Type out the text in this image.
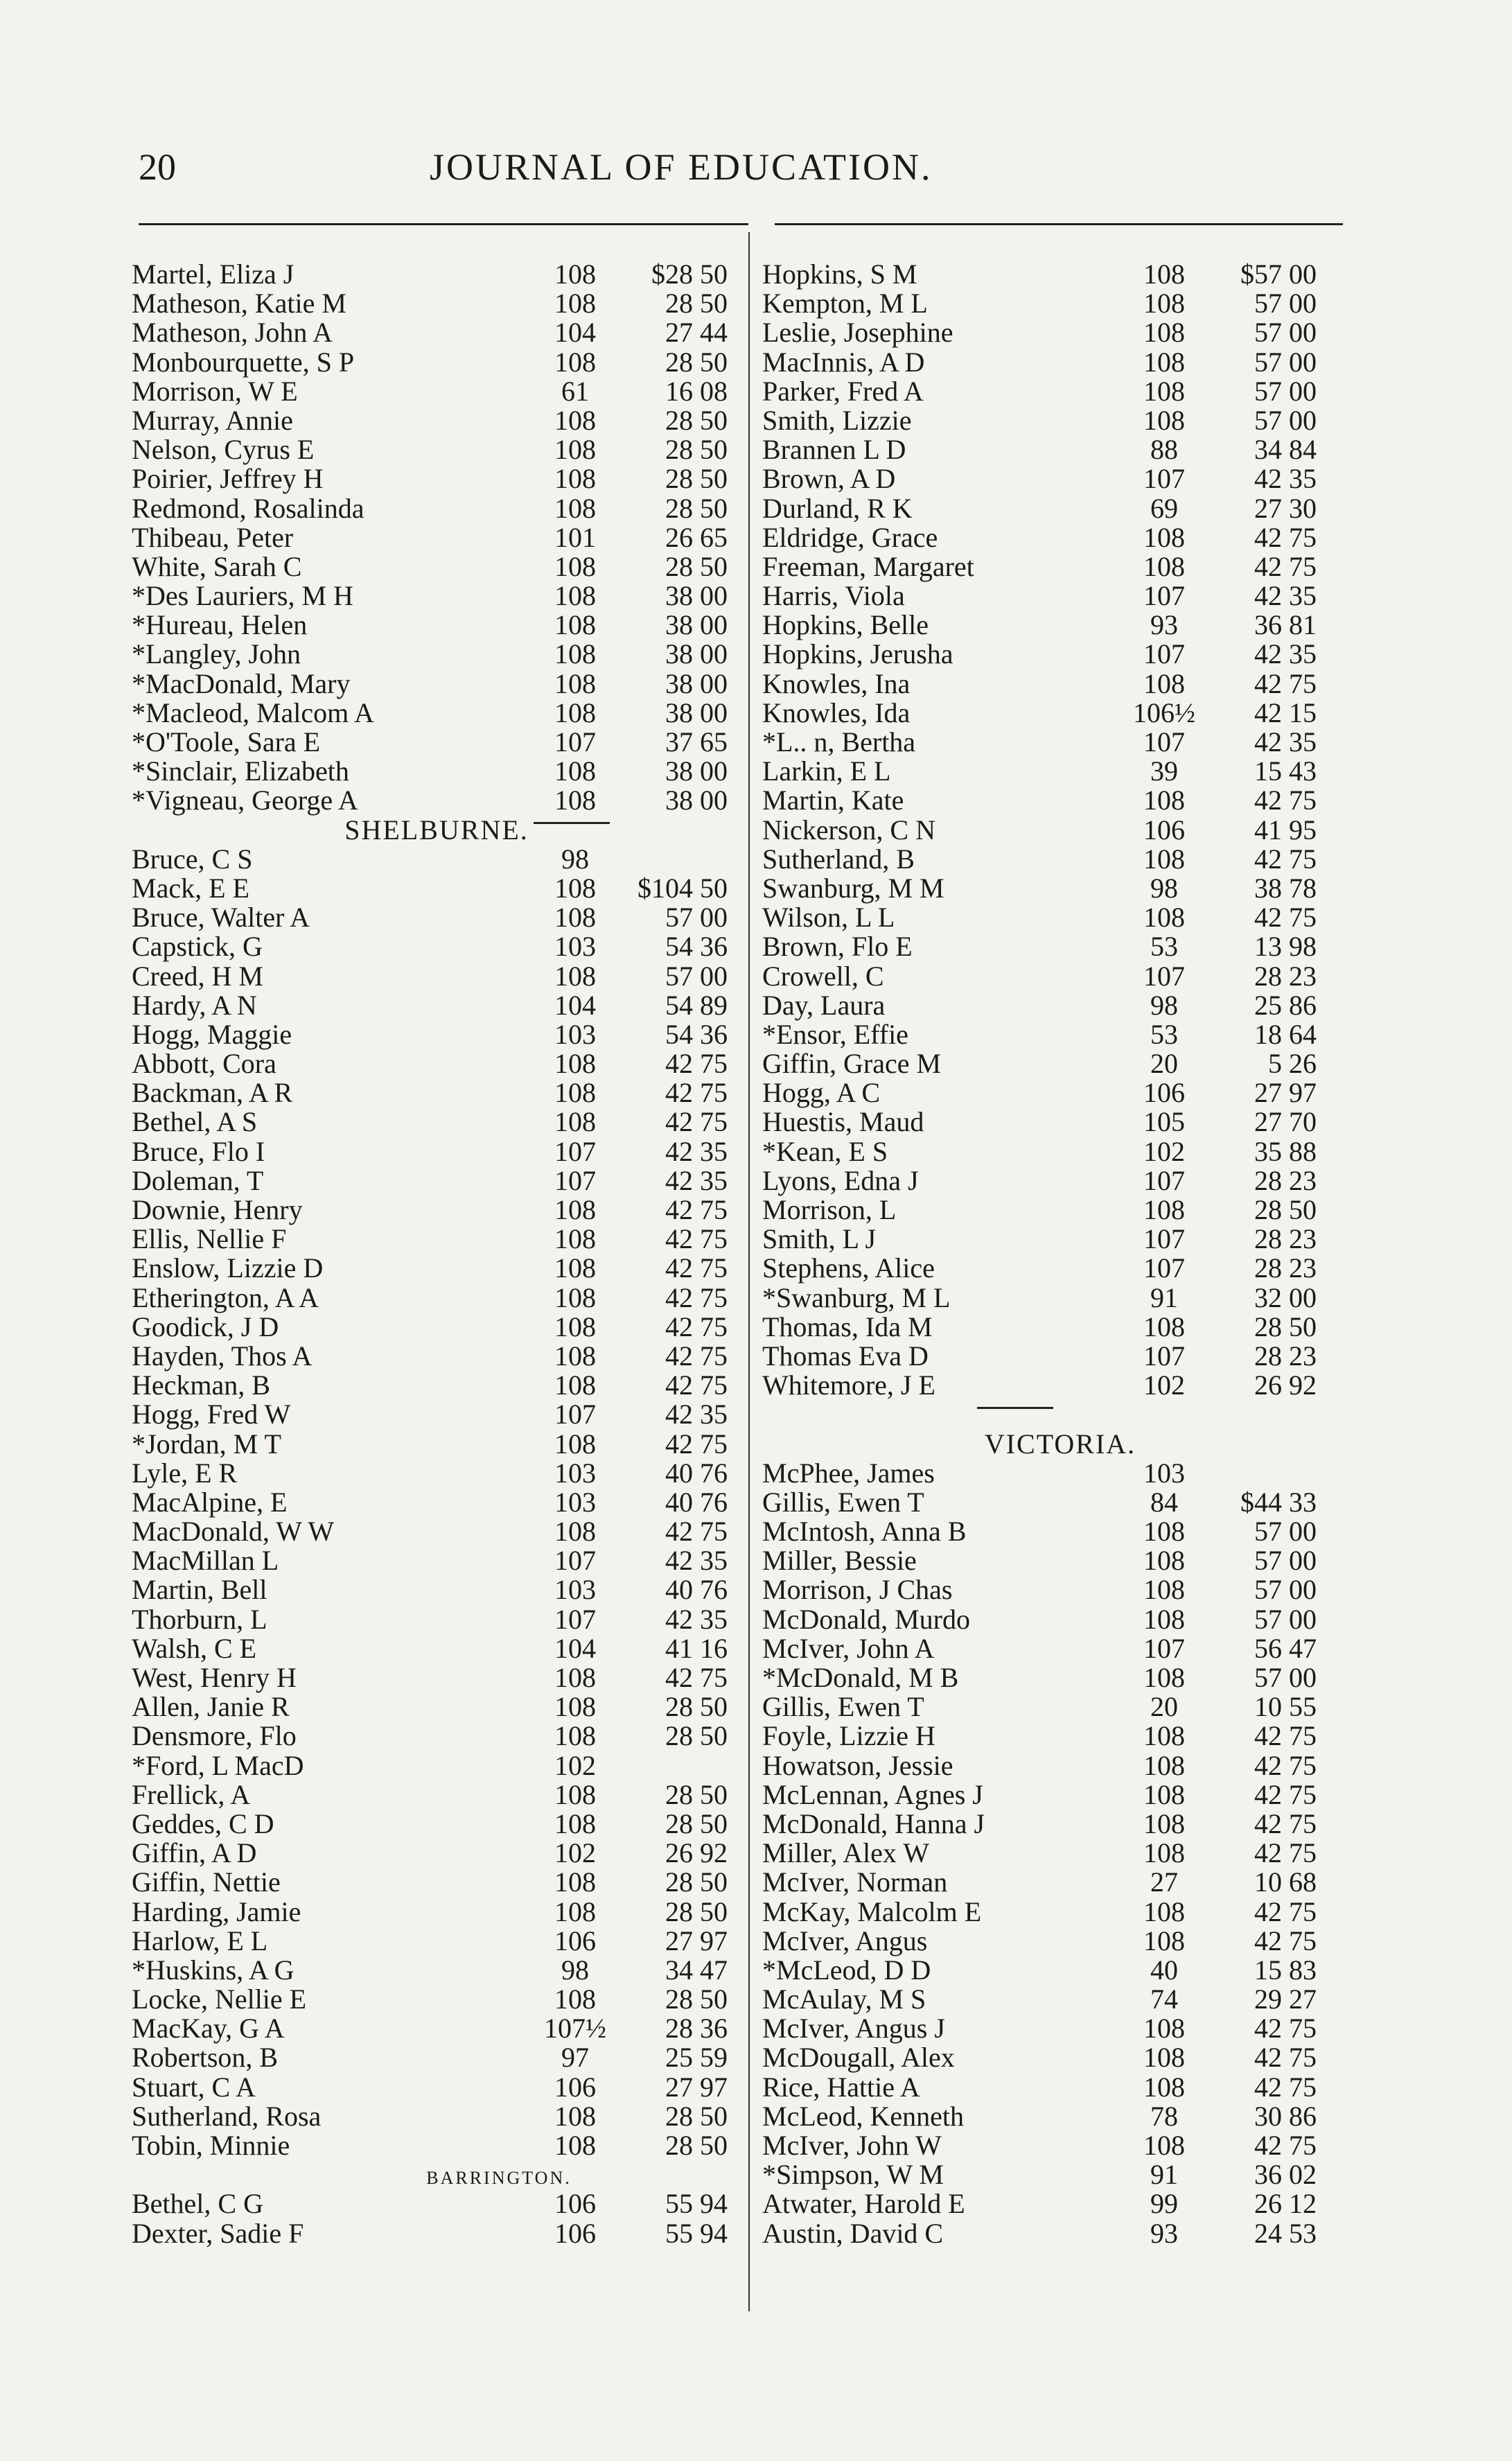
20	JOURNAL OF EDUCATION.
Martel, Eliza J	108	$28 50
Matheson, Katie M	108	28 50
Matheson, John A	104	27 44
Monbourquette, S P	108	28 50
Morrison, W E	61	16 08
Murray, Annie	108	28 50
Nelson, Cyrus E	108	28 50
Poirier, Jeffrey H	108	28 50
Redmond, Rosalinda	108	28 50
Thibeau, Peter	101	26 65
White, Sarah C	108	28 50
*Des Lauriers, M H	108	38 00
*Hureau, Helen	108	38 00
*Langley, John	108	38 00
*MacDonald, Mary	108	38 00
*Macleod, Malcom A	108	38 00
*O'Toole, Sara E	107	37 65
*Sinclair, Elizabeth	108	38 00
*Vigneau, George A	108	38 00
SHELBURNE.
Bruce, C S	98
Mack, E E	108	$104 50
Bruce, Walter A	108	57 00
Capstick, G	103	54 36
Creed, H M	108	57 00
Hardy, A N	104	54 89
Hogg, Maggie	103	54 36
Abbott, Cora	108	42 75
Backman, A R	108	42 75
Bethel, A S	108	42 75
Bruce, Flo I	107	42 35
Doleman, T	107	42 35
Downie, Henry	108	42 75
Ellis, Nellie F	108	42 75
Enslow, Lizzie D	108	42 75
Etherington, A A	108	42 75
Goodick, J D	108	42 75
Hayden, Thos A	108	42 75
Heckman, B	108	42 75
Hogg, Fred W	107	42 35
*Jordan, M T	108	42 75
Lyle, E R	103	40 76
MacAlpine, E	103	40 76
MacDonald, W W	108	42 75
MacMillan L	107	42 35
Martin, Bell	103	40 76
Thorburn, L	107	42 35
Walsh, C E	104	41 16
West, Henry H	108	42 75
Allen, Janie R	108	28 50
Densmore, Flo	108	28 50
*Ford, L MacD	102
Frellick, A	108	28 50
Geddes, C D	108	28 50
Giffin, A D	102	26 92
Giffin, Nettie	108	28 50
Harding, Jamie	108	28 50
Harlow, E L	106	27 97
*Huskins, A G	98	34 47
Locke, Nellie E	108	28 50
MacKay, G A	107½	28 36
Robertson, B	97	25 59
Stuart, C A	106	27 97
Sutherland, Rosa	108	28 50
Tobin, Minnie	108	28 50
BARRINGTON.
Bethel, C G	106	55 94
Dexter, Sadie F	106	55 94
Hopkins, S M	108	$57 00
Kempton, M L	108	57 00
Leslie, Josephine	108	57 00
MacInnis, A D	108	57 00
Parker, Fred A	108	57 00
Smith, Lizzie	108	57 00
Brannen L D	88	34 84
Brown, A D	107	42 35
Durland, R K	69	27 30
Eldridge, Grace	108	42 75
Freeman, Margaret	108	42 75
Harris, Viola	107	42 35
Hopkins, Belle	93	36 81
Hopkins, Jerusha	107	42 35
Knowles, Ina	108	42 75
Knowles, Ida	106½	42 15
*L.. n, Bertha	107	42 35
Larkin, E L	39	15 43
Martin, Kate	108	42 75
Nickerson, C N	106	41 95
Sutherland, B	108	42 75
Swanburg, M M	98	38 78
Wilson, L L	108	42 75
Brown, Flo E	53	13 98
Crowell, C	107	28 23
Day, Laura	98	25 86
*Ensor, Effie	53	18 64
Giffin, Grace M	20	5 26
Hogg, A C	106	27 97
Huestis, Maud	105	27 70
*Kean, E S	102	35 88
Lyons, Edna J	107	28 23
Morrison, L	108	28 50
Smith, L J	107	28 23
Stephens, Alice	107	28 23
*Swanburg, M L	91	32 00
Thomas, Ida M	108	28 50
Thomas Eva D	107	28 23
Whitemore, J E	102	26 92
VICTORIA.
McPhee, James	103
Gillis, Ewen T	84	$44 33
McIntosh, Anna B	108	57 00
Miller, Bessie	108	57 00
Morrison, J Chas	108	57 00
McDonald, Murdo	108	57 00
McIver, John A	107	56 47
*McDonald, M B	108	57 00
Gillis, Ewen T	20	10 55
Foyle, Lizzie H	108	42 75
Howatson, Jessie	108	42 75
McLennan, Agnes J	108	42 75
McDonald, Hanna J	108	42 75
Miller, Alex W	108	42 75
McIver, Norman	27	10 68
McKay, Malcolm E	108	42 75
McIver, Angus	108	42 75
*McLeod, D D	40	15 83
McAulay, M S	74	29 27
McIver, Angus J	108	42 75
McDougall, Alex	108	42 75
Rice, Hattie A	108	42 75
McLeod, Kenneth	78	30 86
McIver, John W	108	42 75
*Simpson, W M	91	36 02
Atwater, Harold E	99	26 12
Austin, David C	93	24 53
